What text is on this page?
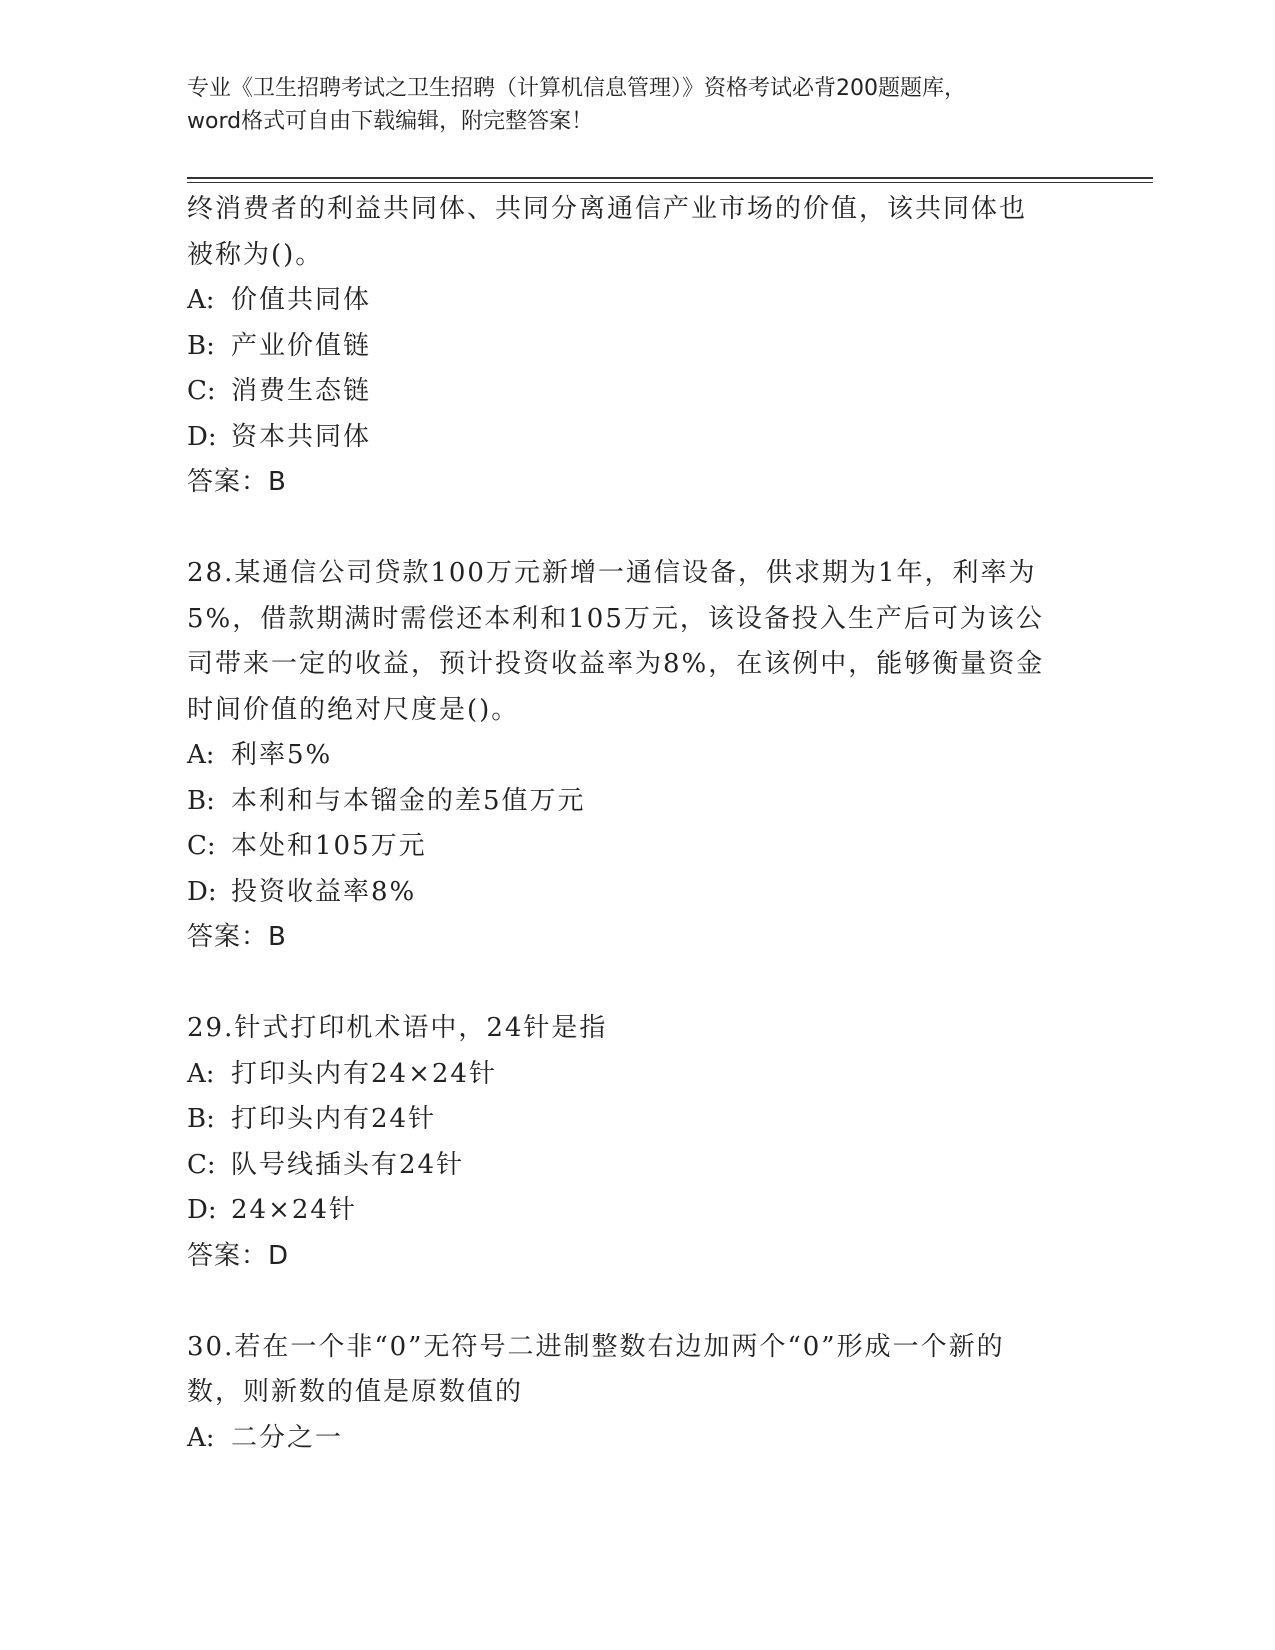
专业《卫生招聘考试之卫生招聘（计算机信息管理）》资格考试必背200题题库，
word格式可自由下载编辑，附完整答案！
终消费者的利益共同体、共同分离通信产业市场的价值，该共同体也
被称为()。
A: 价值共同体
B: 产业价值链
C: 消费生态链
D: 资本共同体
答案：B
28.某通信公司贷款100万元新增一通信设备，供求期为1年，利率为
5%，借款期满时需偿还本利和105万元，该设备投入生产后可为该公
司带来一定的收益，预计投资收益率为8%，在该例中，能够衡量资金
时间价值的绝对尺度是()。
A: 利率5%
B: 本利和与本镏金的差5值万元
C: 本处和105万元
D: 投资收益率8%
答案：B
29.针式打印机术语中，24针是指
A: 打印头内有24×24针
B: 打印头内有24针
C: 队号线插头有24针
D: 24×24针
答案：D
30.若在一个非“0”无符号二进制整数右边加两个“0”形成一个新的
数，则新数的值是原数值的
A: 二分之一
